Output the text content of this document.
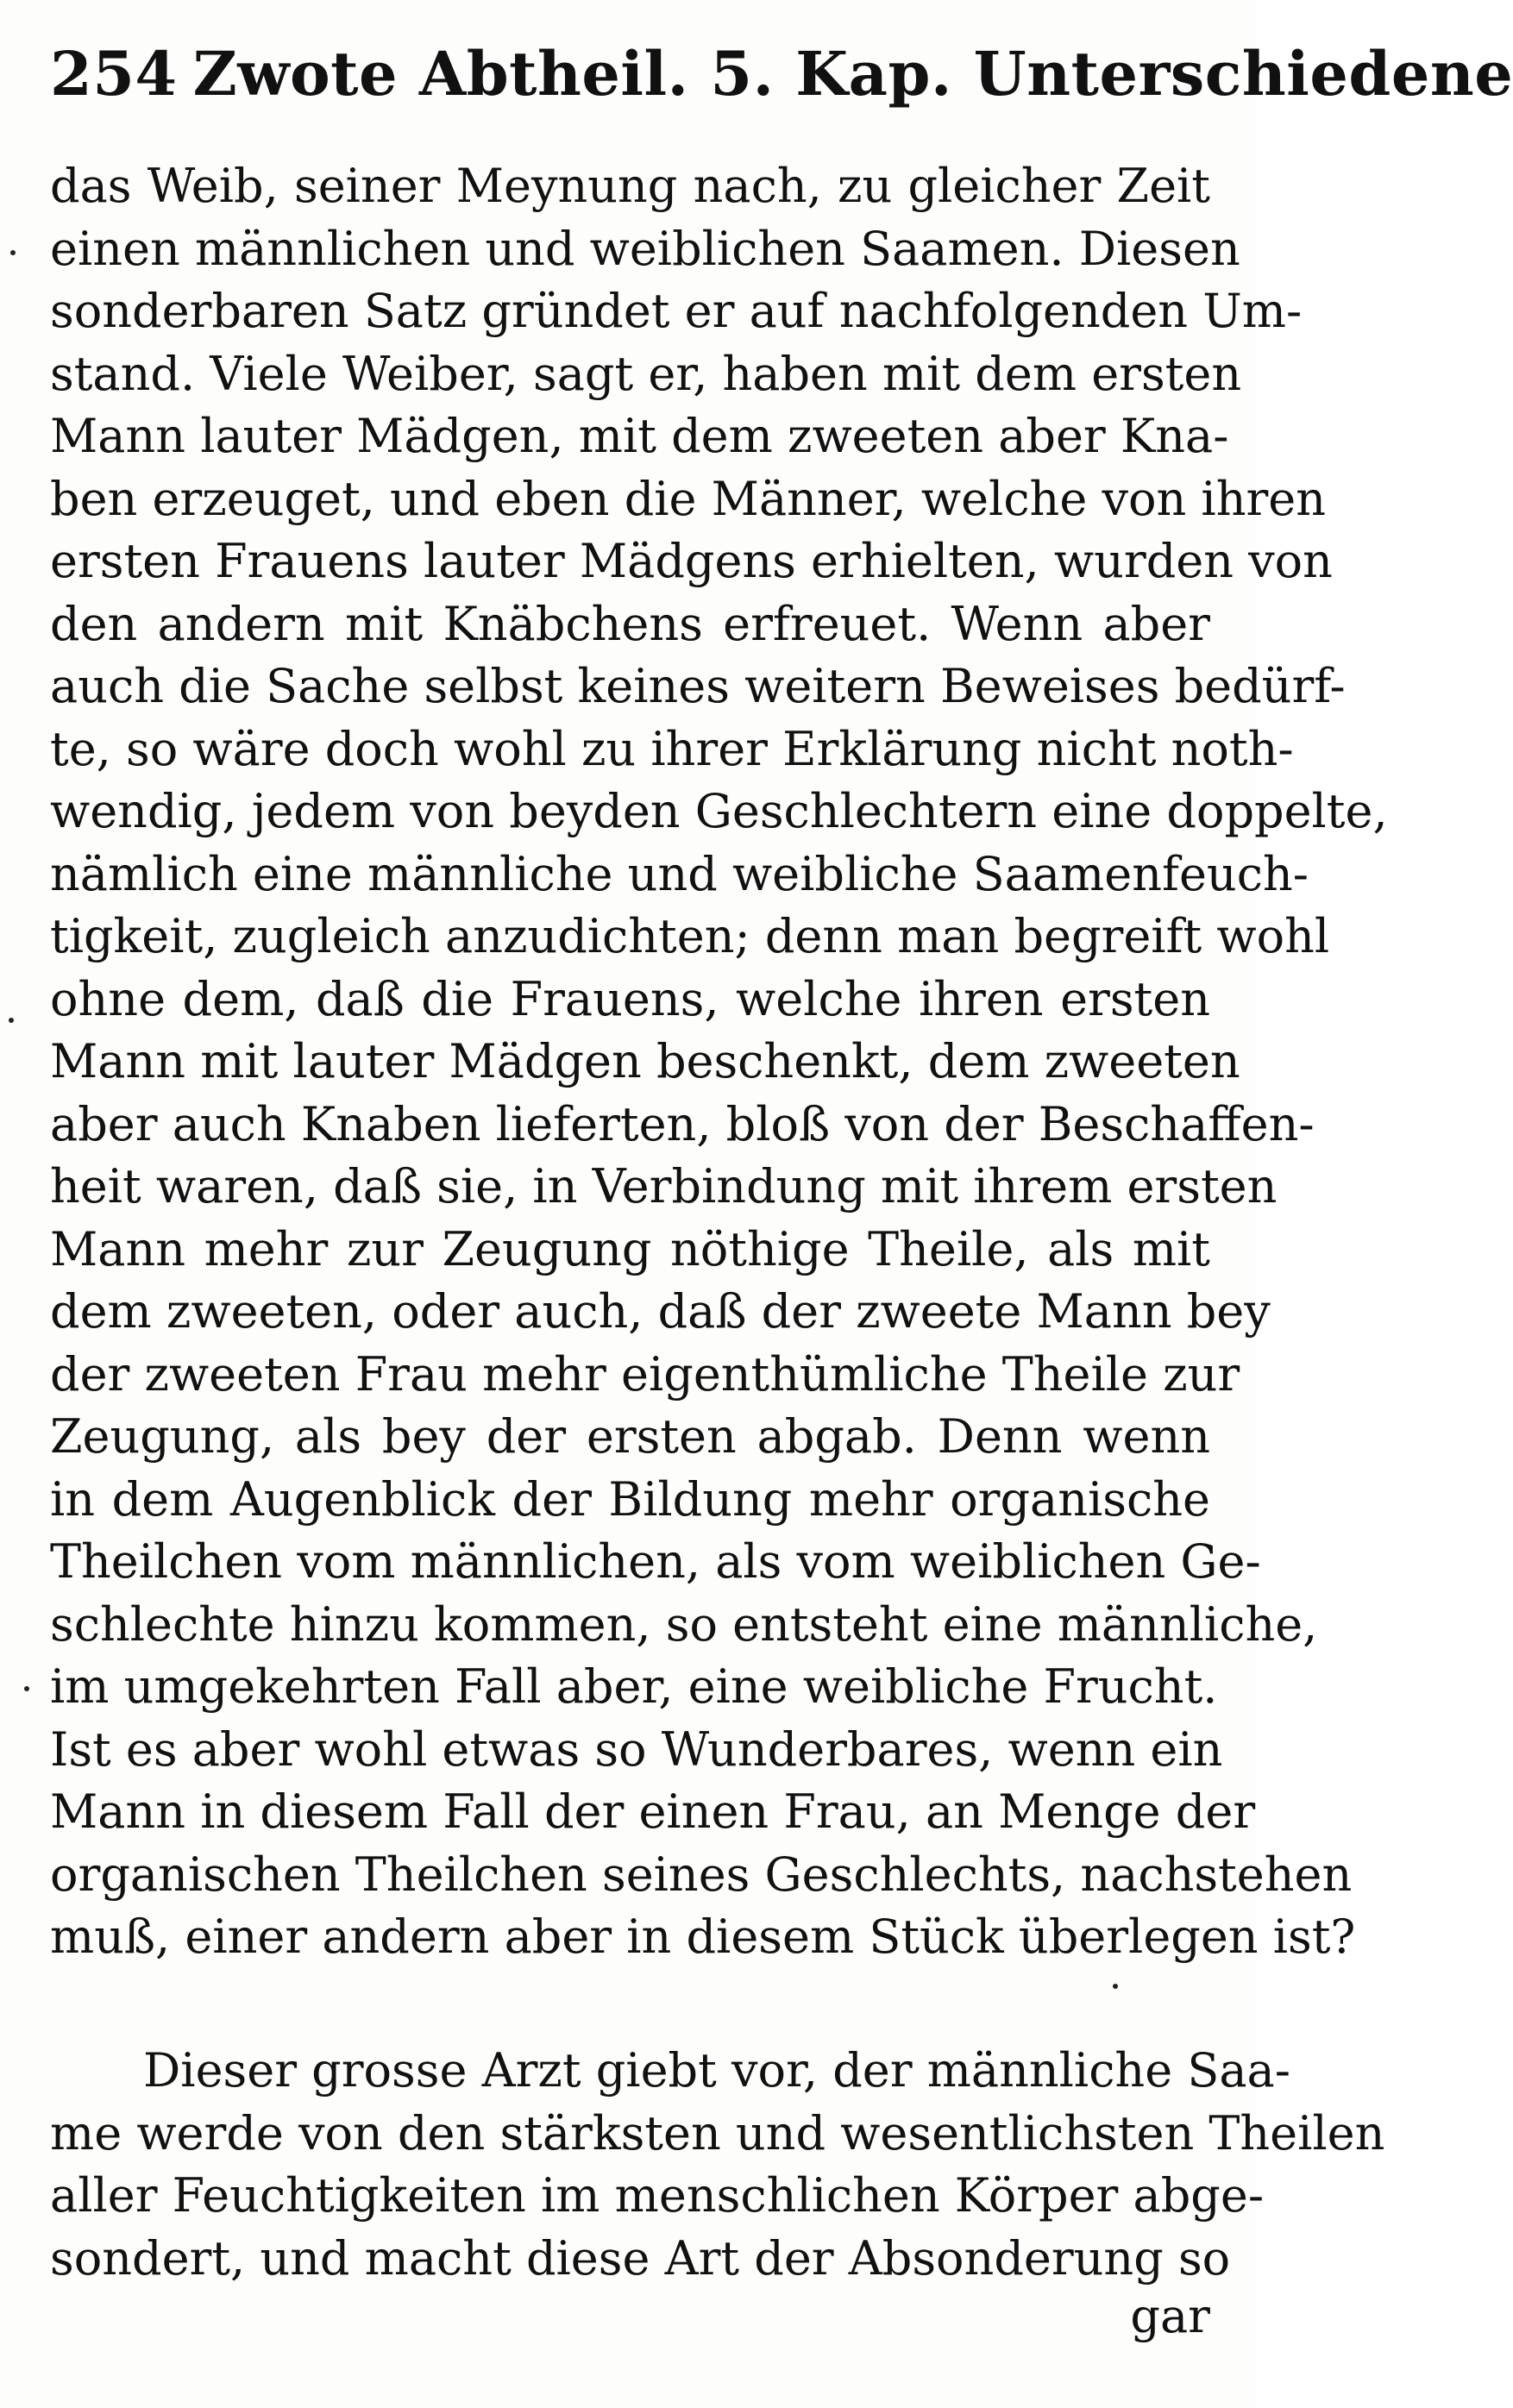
254 Zwote Abtheil. 5. Kap. Unterschiedene
das Weib, seiner Meynung nach, zu gleicher Zeit
einen männlichen und weiblichen Saamen. Diesen
sonderbaren Satz gründet er auf nachfolgenden Um-
stand. Viele Weiber, sagt er, haben mit dem ersten
Mann lauter Mädgen, mit dem zweeten aber Kna-
ben erzeuget, und eben die Männer, welche von ihren
ersten Frauens lauter Mädgens erhielten, wurden von
den andern mit Knäbchens erfreuet. Wenn aber
auch die Sache selbst keines weitern Beweises bedürf-
te, so wäre doch wohl zu ihrer Erklärung nicht noth-
wendig, jedem von beyden Geschlechtern eine doppelte,
nämlich eine männliche und weibliche Saamenfeuch-
tigkeit, zugleich anzudichten; denn man begreift wohl
ohne dem, daß die Frauens, welche ihren ersten
Mann mit lauter Mädgen beschenkt, dem zweeten
aber auch Knaben lieferten, bloß von der Beschaffen-
heit waren, daß sie, in Verbindung mit ihrem ersten
Mann mehr zur Zeugung nöthige Theile, als mit
dem zweeten, oder auch, daß der zweete Mann bey
der zweeten Frau mehr eigenthümliche Theile zur
Zeugung, als bey der ersten abgab. Denn wenn
in dem Augenblick der Bildung mehr organische
Theilchen vom männlichen, als vom weiblichen Ge-
schlechte hinzu kommen, so entsteht eine männliche,
im umgekehrten Fall aber, eine weibliche Frucht.
Ist es aber wohl etwas so Wunderbares, wenn ein
Mann in diesem Fall der einen Frau, an Menge der
organischen Theilchen seines Geschlechts, nachstehen
muß, einer andern aber in diesem Stück überlegen ist?
Dieser grosse Arzt giebt vor, der männliche Saa-
me werde von den stärksten und wesentlichsten Theilen
aller Feuchtigkeiten im menschlichen Körper abge-
sondert, und macht diese Art der Absonderung so
gar
